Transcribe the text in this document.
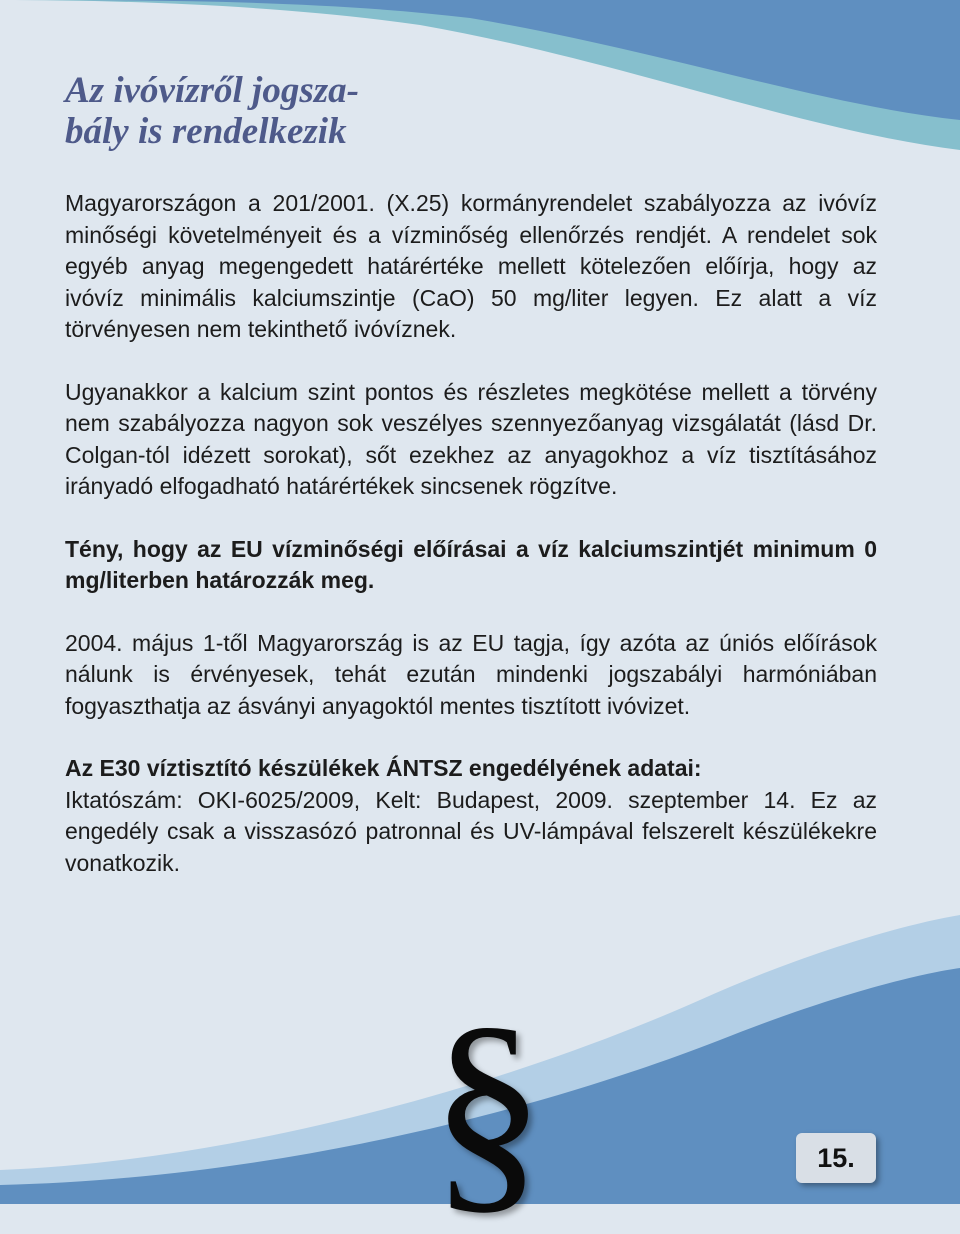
Az ivóvízről jogsza-
bály is rendelkezik

Magyarországon a 201/2001. (X.25) kormányrendelet szabályozza az ivóvíz minőségi követelményeit és a vízminőség ellenőrzés rendjét. A rendelet sok egyéb anyag megengedett határértéke mellett kötelezően előírja, hogy az ivóvíz minimális kalciumszintje (CaO) 50 mg/liter legyen. Ez alatt a víz törvényesen nem tekinthető ivóvíznek.

Ugyanakkor a kalcium szint pontos és részletes megkötése mellett a törvény nem szabályozza nagyon sok veszélyes szennyezőanyag vizsgálatát (lásd Dr. Colgan-tól idézett sorokat), sőt ezekhez az anyagokhoz a víz tisztításához irányadó elfogadható határértékek sincsenek rögzítve.

Tény, hogy az EU vízminőségi előírásai a víz kalciumszintjét minimum 0 mg/literben határozzák meg.

2004. május 1-től Magyarország is az EU tagja, így azóta az úniós előírások nálunk is érvényesek, tehát ezután mindenki jogszabályi harmóniában fogyaszthatja az ásványi anyagoktól mentes tisztított ivóvizet.

Az E30 víztisztító készülékek ÁNTSZ engedélyének adatai:
Iktatószám: OKI-6025/2009, Kelt: Budapest, 2009. szeptember 14. Ez az engedély csak a visszasózó patronnal és UV-lámpával felszerelt készülékekre vonatkozik.

§	15.
